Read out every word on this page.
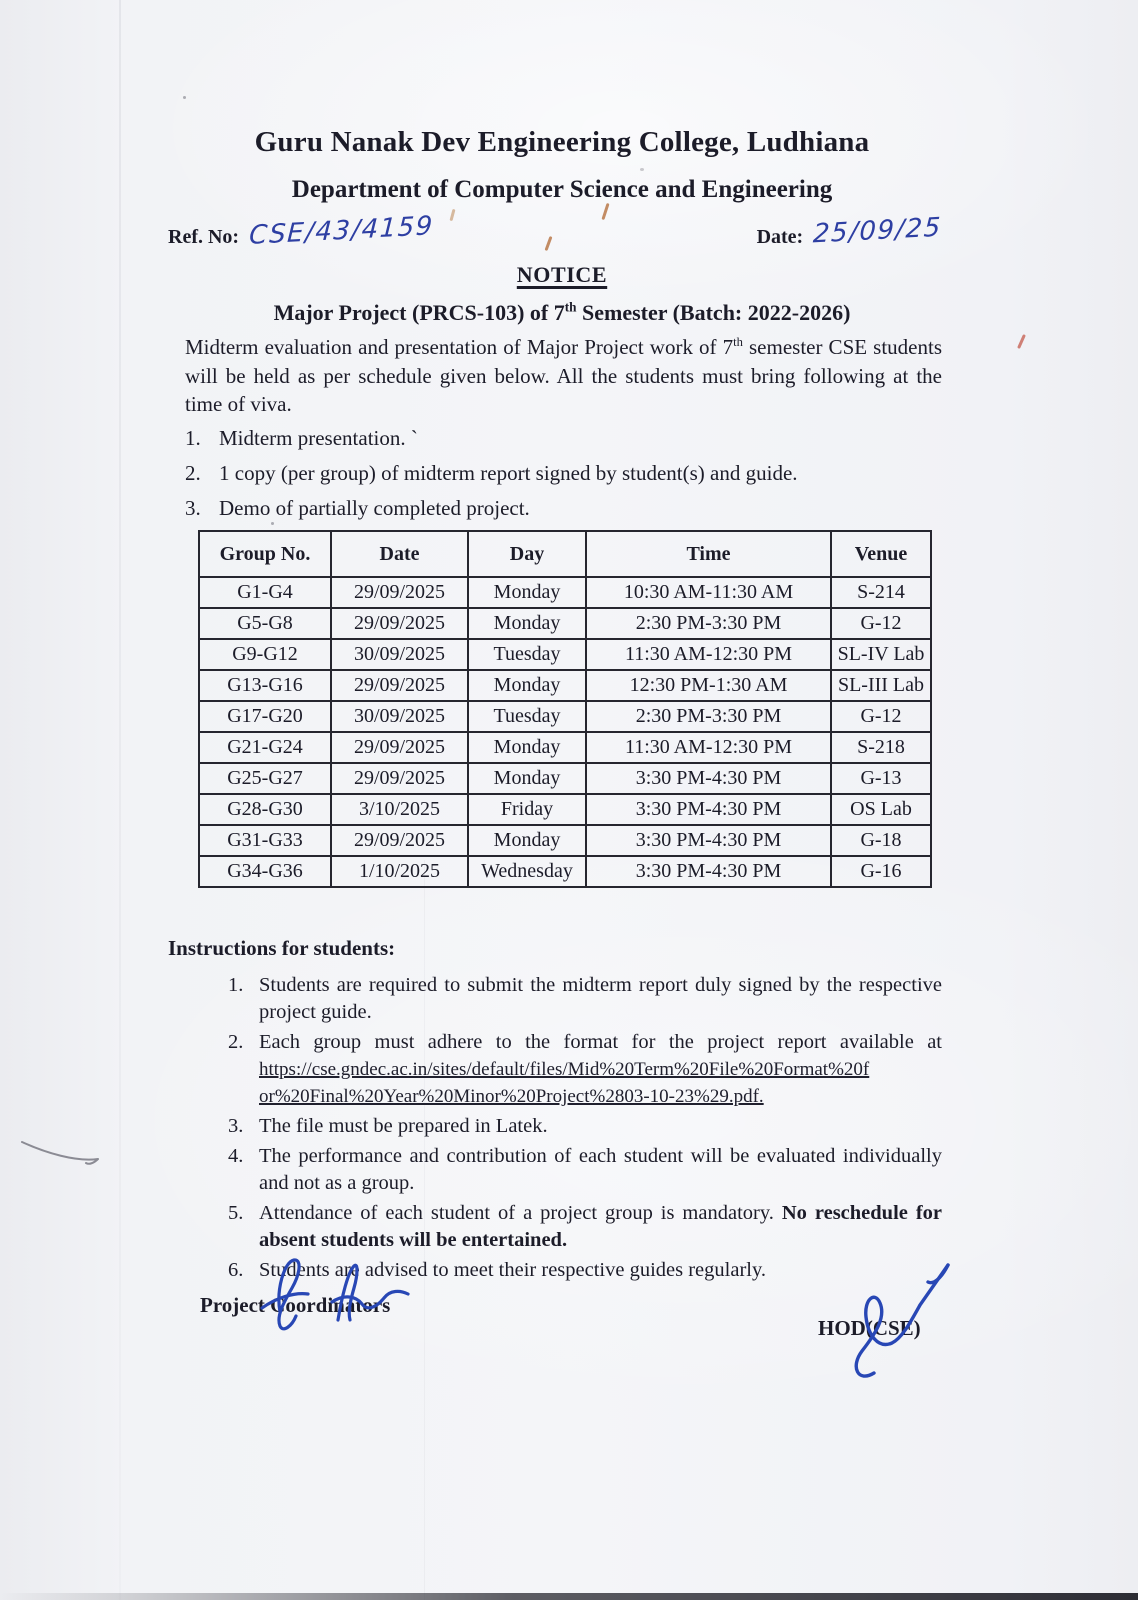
Guru Nanak Dev Engineering College, Ludhiana
Department of Computer Science and Engineering
Ref. No: CSE/43/4159	Date: 25/09/25
NOTICE
Major Project (PRCS-103) of 7th Semester (Batch: 2022-2026)
Midterm evaluation and presentation of Major Project work of 7th semester CSE students will be held as per schedule given below. All the students must bring following at the time of viva.
1. Midterm presentation. `
2. 1 copy (per group) of midterm report signed by student(s) and guide.
3. Demo of partially completed project.
Group No.	Date	Day	Time	Venue
G1-G4	29/09/2025	Monday	10:30 AM-11:30 AM	S-214
G5-G8	29/09/2025	Monday	2:30 PM-3:30 PM	G-12
G9-G12	30/09/2025	Tuesday	11:30 AM-12:30 PM	SL-IV Lab
G13-G16	29/09/2025	Monday	12:30 PM-1:30 AM	SL-III Lab
G17-G20	30/09/2025	Tuesday	2:30 PM-3:30 PM	G-12
G21-G24	29/09/2025	Monday	11:30 AM-12:30 PM	S-218
G25-G27	29/09/2025	Monday	3:30 PM-4:30 PM	G-13
G28-G30	3/10/2025	Friday	3:30 PM-4:30 PM	OS Lab
G31-G33	29/09/2025	Monday	3:30 PM-4:30 PM	G-18
G34-G36	1/10/2025	Wednesday	3:30 PM-4:30 PM	G-16
Instructions for students:
1. Students are required to submit the midterm report duly signed by the respective project guide.
2. Each group must adhere to the format for the project report available at
https://cse.gndec.ac.in/sites/default/files/Mid%20Term%20File%20Format%20f
or%20Final%20Year%20Minor%20Project%2803-10-23%29.pdf.
3. The file must be prepared in Latek.
4. The performance and contribution of each student will be evaluated individually and not as a group.
5. Attendance of each student of a project group is mandatory. No reschedule for absent students will be entertained.
6. Students are advised to meet their respective guides regularly.
Project Coordinators
HOD(CSE)
